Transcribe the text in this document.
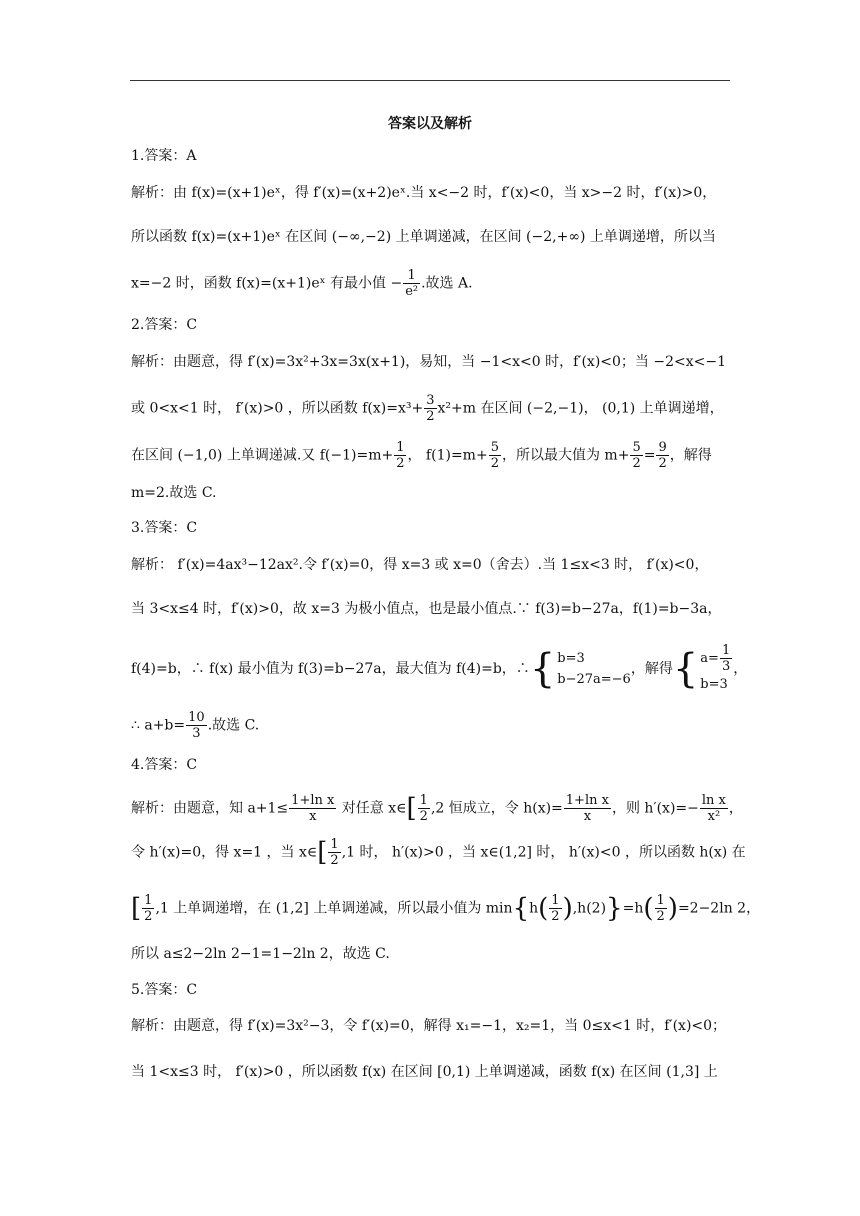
答案以及解析
1.答案：A
解析：由 f(x)=(x+1)eˣ，得 f′(x)=(x+2)eˣ.当 x<−2 时，f′(x)<0，当 x>−2 时，f′(x)>0，
所以函数 f(x)=(x+1)eˣ 在区间 (−∞,−2) 上单调递减，在区间 (−2,+∞) 上单调递增，所以当
x=−2 时，函数 f(x)=(x+1)eˣ 有最小值 − $\frac{1}{\text{e²}}$ .故选 A.
2.答案：C
解析：由题意，得 f′(x)=3x²+3x=3x(x+1)，易知，当 −1<x<0 时，f′(x)<0；当 −2<x<−1
或 0<x<1 时， f′(x)>0 ，所以函数 $f(x)=x^3+ \frac{3}{2} x^2+m$ 在区间 (−2,−1)， (0,1) 上单调递增，
在区间 (−1,0) 上单调递减.又 $f(-1)=m+ \frac{1}{2}$ ， $f(1)=m+ \frac{5}{2}$ ，所以最大值为 $m+ \frac{5}{2} = \frac{9}{2}$ ，解得
m=2.故选 C.
3.答案：C
解析： f′(x)=4ax³−12ax².令 f′(x)=0，得 x=3 或 x=0（舍去）.当 1≤x<3 时， f′(x)<0，
当 3<x≤4 时，f′(x)>0，故 x=3 为极小值点，也是最小值点.∵ f(3)=b−27a，f(1)=b−3a，
f(4)=b，∴ f(x) 最小值为 f(3)=b−27a，最大值为 f(4)=b，∴ { b=3
b−27a=−6
，解得 { $a= \frac{1}{3}$
b=3
，
∴ $a+b= \frac{10}{3}$ .故选 C.
4.答案：C
解析：由题意，知 $a+1\le \frac{\text{1+ln x}}{x}$ 对任意 x∈[ $\frac{1}{2} ,2$ 恒成立，令 $h(x)= \frac{\text{1+ln x}}{x}$ ，则 $h'(x)=- \frac{\text{ln x}}{\text{x²}}$ ，
令 h′(x)=0，得 x=1 ，当 x∈[ $\frac{1}{2} ,1$ 时， h′(x)>0 ，当 x∈(1,2] 时， h′(x)<0 ，所以函数 h(x) 在
[ $\frac{1}{2} ,1$ 上单调递增，在 (1,2] 上单调递减，所以最小值为 $\min\{h( \frac{1}{2} ),h(2)\}=h( \frac{1}{2} )=2-2\ln$ 2，
所以 a≤2−2ln 2−1=1−2ln 2，故选 C.
5.答案：C
解析：由题意，得 f′(x)=3x²−3，令 f′(x)=0，解得 x₁=−1，x₂=1，当 0≤x<1 时，f′(x)<0；
当 1<x≤3 时， f′(x)>0 ，所以函数 f(x) 在区间 [0,1) 上单调递减，函数 f(x) 在区间 (1,3] 上
